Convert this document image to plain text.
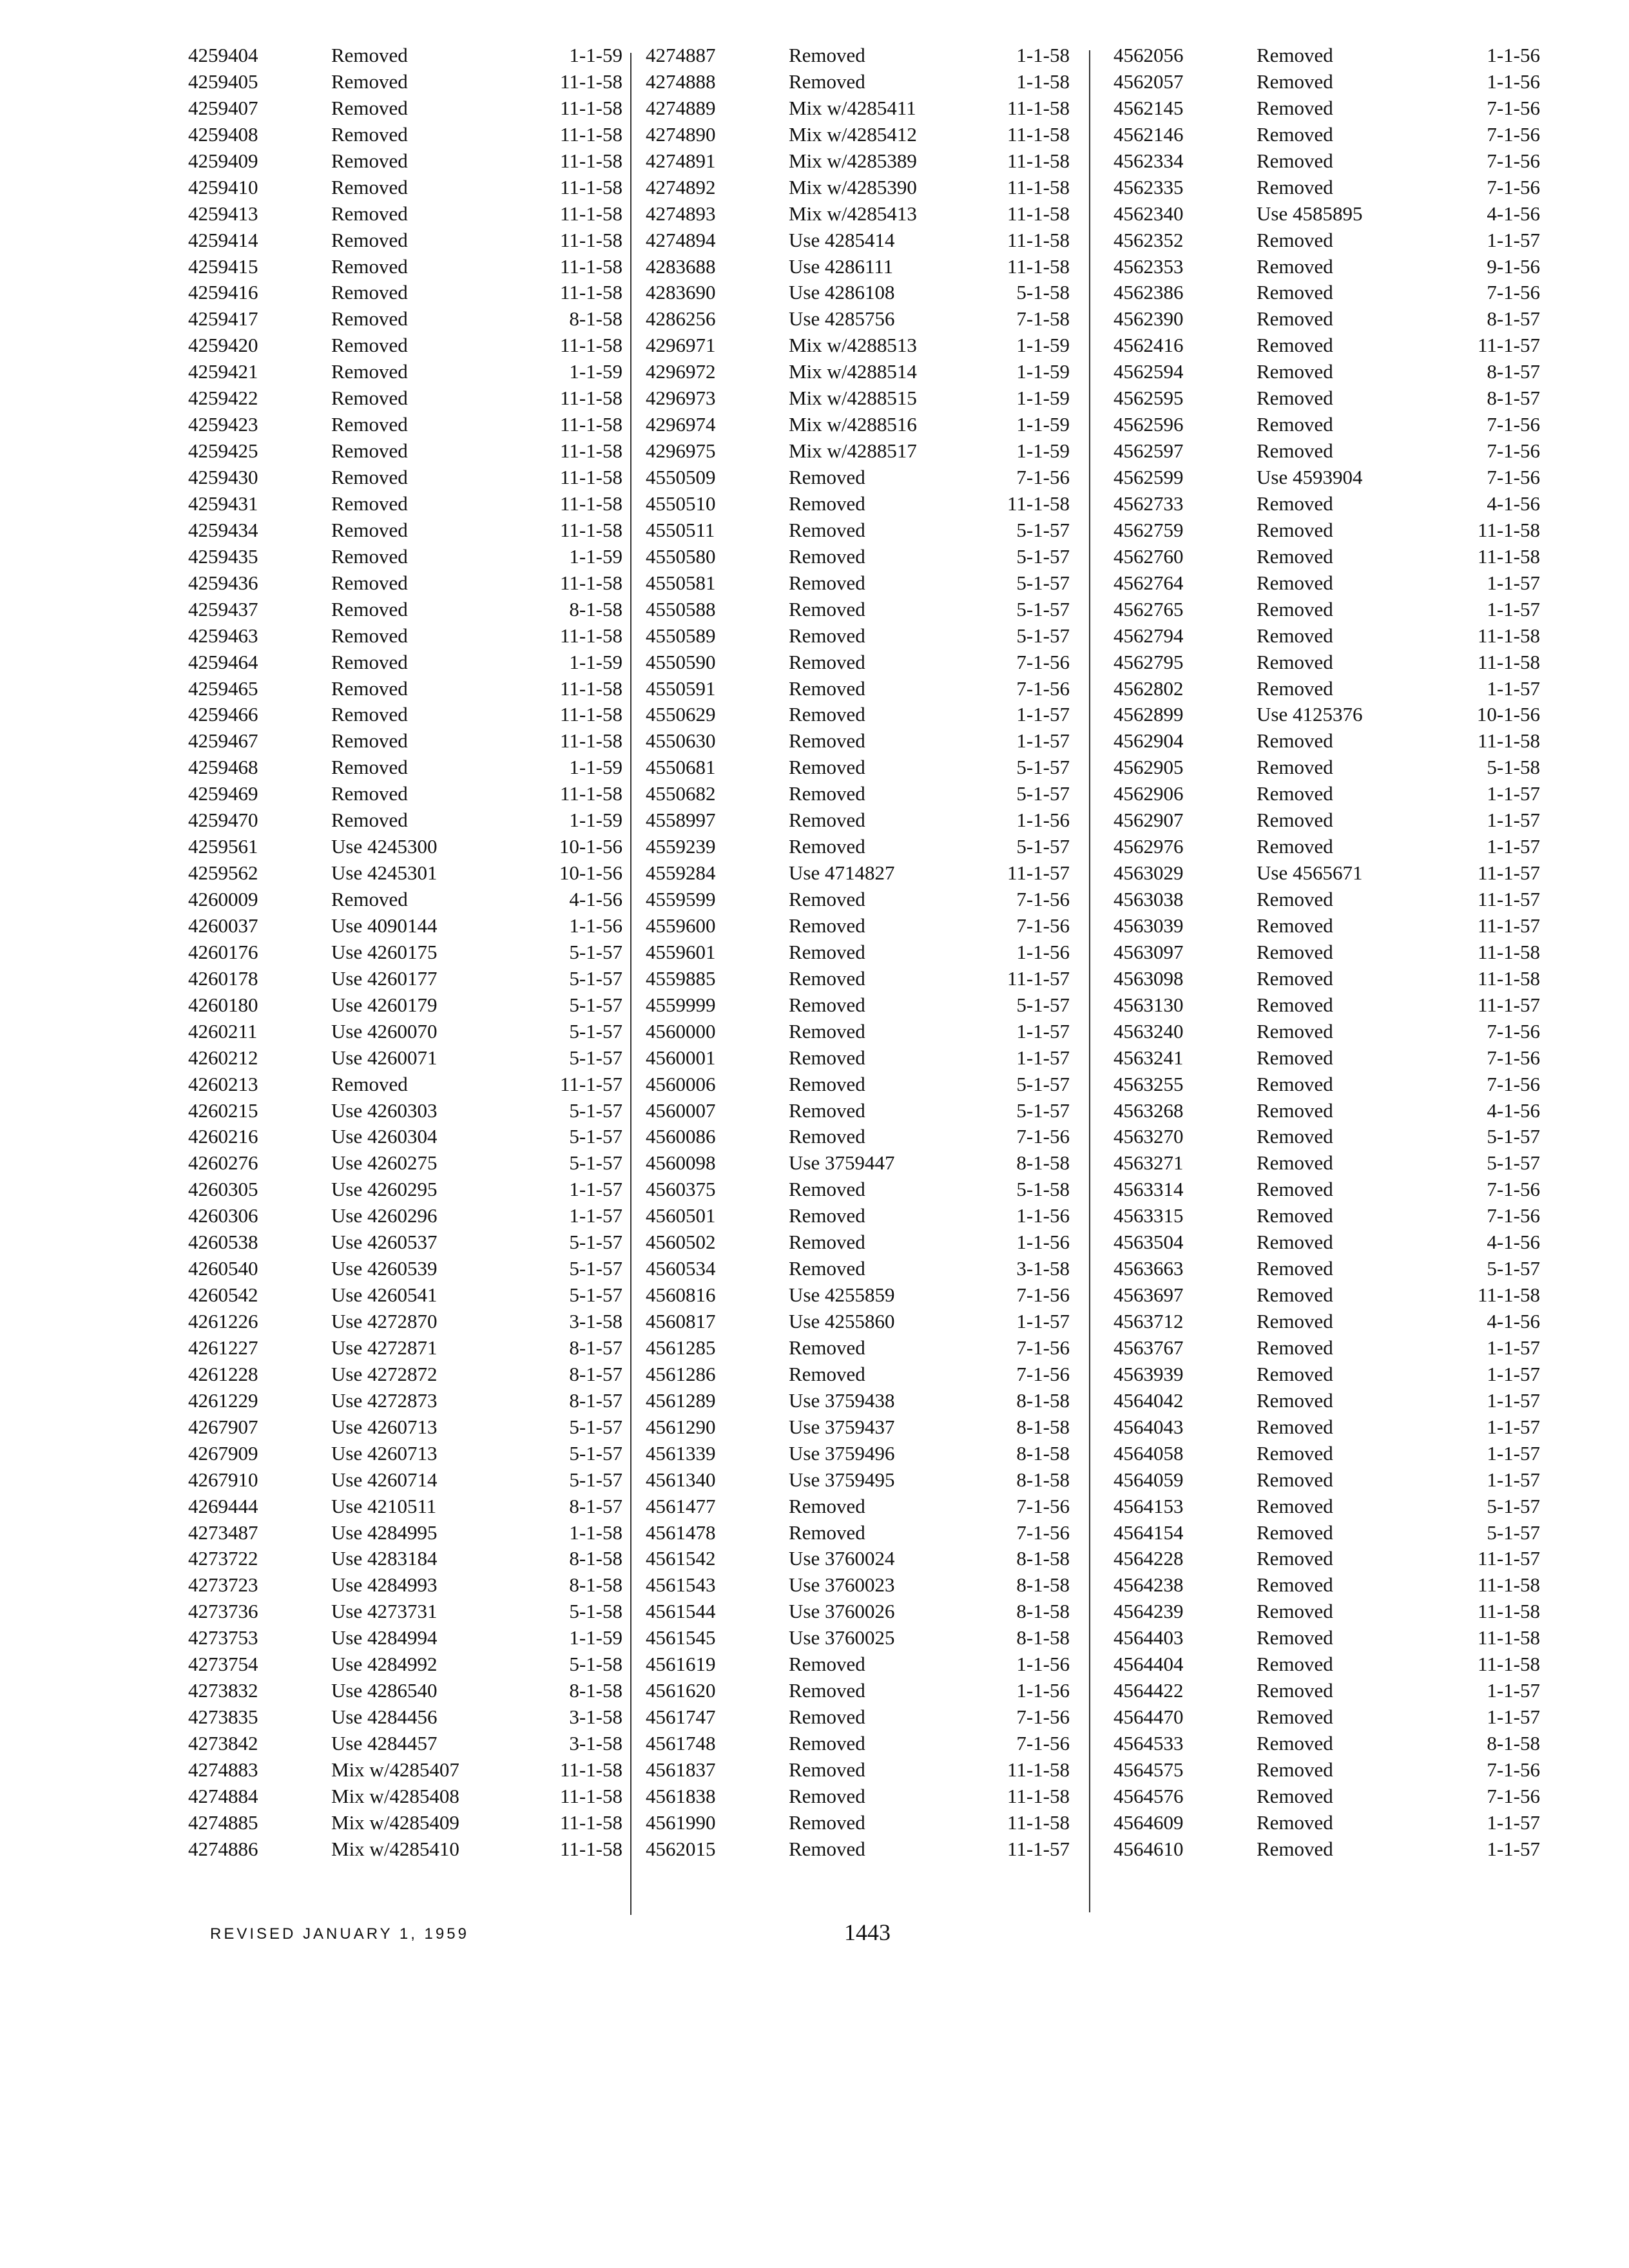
4259404	Removed	1-1-59
4259405	Removed	11-1-58
4259407	Removed	11-1-58
4259408	Removed	11-1-58
4259409	Removed	11-1-58
4259410	Removed	11-1-58
4259413	Removed	11-1-58
4259414	Removed	11-1-58
4259415	Removed	11-1-58
4259416	Removed	11-1-58
4259417	Removed	8-1-58
4259420	Removed	11-1-58
4259421	Removed	1-1-59
4259422	Removed	11-1-58
4259423	Removed	11-1-58
4259425	Removed	11-1-58
4259430	Removed	11-1-58
4259431	Removed	11-1-58
4259434	Removed	11-1-58
4259435	Removed	1-1-59
4259436	Removed	11-1-58
4259437	Removed	8-1-58
4259463	Removed	11-1-58
4259464	Removed	1-1-59
4259465	Removed	11-1-58
4259466	Removed	11-1-58
4259467	Removed	11-1-58
4259468	Removed	1-1-59
4259469	Removed	11-1-58
4259470	Removed	1-1-59
4259561	Use 4245300	10-1-56
4259562	Use 4245301	10-1-56
4260009	Removed	4-1-56
4260037	Use 4090144	1-1-56
4260176	Use 4260175	5-1-57
4260178	Use 4260177	5-1-57
4260180	Use 4260179	5-1-57
4260211	Use 4260070	5-1-57
4260212	Use 4260071	5-1-57
4260213	Removed	11-1-57
4260215	Use 4260303	5-1-57
4260216	Use 4260304	5-1-57
4260276	Use 4260275	5-1-57
4260305	Use 4260295	1-1-57
4260306	Use 4260296	1-1-57
4260538	Use 4260537	5-1-57
4260540	Use 4260539	5-1-57
4260542	Use 4260541	5-1-57
4261226	Use 4272870	3-1-58
4261227	Use 4272871	8-1-57
4261228	Use 4272872	8-1-57
4261229	Use 4272873	8-1-57
4267907	Use 4260713	5-1-57
4267909	Use 4260713	5-1-57
4267910	Use 4260714	5-1-57
4269444	Use 4210511	8-1-57
4273487	Use 4284995	1-1-58
4273722	Use 4283184	8-1-58
4273723	Use 4284993	8-1-58
4273736	Use 4273731	5-1-58
4273753	Use 4284994	1-1-59
4273754	Use 4284992	5-1-58
4273832	Use 4286540	8-1-58
4273835	Use 4284456	3-1-58
4273842	Use 4284457	3-1-58
4274883	Mix w/4285407	11-1-58
4274884	Mix w/4285408	11-1-58
4274885	Mix w/4285409	11-1-58
4274886	Mix w/4285410	11-1-58
4274887	Removed	1-1-58
4274888	Removed	1-1-58
4274889	Mix w/4285411	11-1-58
4274890	Mix w/4285412	11-1-58
4274891	Mix w/4285389	11-1-58
4274892	Mix w/4285390	11-1-58
4274893	Mix w/4285413	11-1-58
4274894	Use 4285414	11-1-58
4283688	Use 4286111	11-1-58
4283690	Use 4286108	5-1-58
4286256	Use 4285756	7-1-58
4296971	Mix w/4288513	1-1-59
4296972	Mix w/4288514	1-1-59
4296973	Mix w/4288515	1-1-59
4296974	Mix w/4288516	1-1-59
4296975	Mix w/4288517	1-1-59
4550509	Removed	7-1-56
4550510	Removed	11-1-58
4550511	Removed	5-1-57
4550580	Removed	5-1-57
4550581	Removed	5-1-57
4550588	Removed	5-1-57
4550589	Removed	5-1-57
4550590	Removed	7-1-56
4550591	Removed	7-1-56
4550629	Removed	1-1-57
4550630	Removed	1-1-57
4550681	Removed	5-1-57
4550682	Removed	5-1-57
4558997	Removed	1-1-56
4559239	Removed	5-1-57
4559284	Use 4714827	11-1-57
4559599	Removed	7-1-56
4559600	Removed	7-1-56
4559601	Removed	1-1-56
4559885	Removed	11-1-57
4559999	Removed	5-1-57
4560000	Removed	1-1-57
4560001	Removed	1-1-57
4560006	Removed	5-1-57
4560007	Removed	5-1-57
4560086	Removed	7-1-56
4560098	Use 3759447	8-1-58
4560375	Removed	5-1-58
4560501	Removed	1-1-56
4560502	Removed	1-1-56
4560534	Removed	3-1-58
4560816	Use 4255859	7-1-56
4560817	Use 4255860	1-1-57
4561285	Removed	7-1-56
4561286	Removed	7-1-56
4561289	Use 3759438	8-1-58
4561290	Use 3759437	8-1-58
4561339	Use 3759496	8-1-58
4561340	Use 3759495	8-1-58
4561477	Removed	7-1-56
4561478	Removed	7-1-56
4561542	Use 3760024	8-1-58
4561543	Use 3760023	8-1-58
4561544	Use 3760026	8-1-58
4561545	Use 3760025	8-1-58
4561619	Removed	1-1-56
4561620	Removed	1-1-56
4561747	Removed	7-1-56
4561748	Removed	7-1-56
4561837	Removed	11-1-58
4561838	Removed	11-1-58
4561990	Removed	11-1-58
4562015	Removed	11-1-57
4562056	Removed	1-1-56
4562057	Removed	1-1-56
4562145	Removed	7-1-56
4562146	Removed	7-1-56
4562334	Removed	7-1-56
4562335	Removed	7-1-56
4562340	Use 4585895	4-1-56
4562352	Removed	1-1-57
4562353	Removed	9-1-56
4562386	Removed	7-1-56
4562390	Removed	8-1-57
4562416	Removed	11-1-57
4562594	Removed	8-1-57
4562595	Removed	8-1-57
4562596	Removed	7-1-56
4562597	Removed	7-1-56
4562599	Use 4593904	7-1-56
4562733	Removed	4-1-56
4562759	Removed	11-1-58
4562760	Removed	11-1-58
4562764	Removed	1-1-57
4562765	Removed	1-1-57
4562794	Removed	11-1-58
4562795	Removed	11-1-58
4562802	Removed	1-1-57
4562899	Use 4125376	10-1-56
4562904	Removed	11-1-58
4562905	Removed	5-1-58
4562906	Removed	1-1-57
4562907	Removed	1-1-57
4562976	Removed	1-1-57
4563029	Use 4565671	11-1-57
4563038	Removed	11-1-57
4563039	Removed	11-1-57
4563097	Removed	11-1-58
4563098	Removed	11-1-58
4563130	Removed	11-1-57
4563240	Removed	7-1-56
4563241	Removed	7-1-56
4563255	Removed	7-1-56
4563268	Removed	4-1-56
4563270	Removed	5-1-57
4563271	Removed	5-1-57
4563314	Removed	7-1-56
4563315	Removed	7-1-56
4563504	Removed	4-1-56
4563663	Removed	5-1-57
4563697	Removed	11-1-58
4563712	Removed	4-1-56
4563767	Removed	1-1-57
4563939	Removed	1-1-57
4564042	Removed	1-1-57
4564043	Removed	1-1-57
4564058	Removed	1-1-57
4564059	Removed	1-1-57
4564153	Removed	5-1-57
4564154	Removed	5-1-57
4564228	Removed	11-1-57
4564238	Removed	11-1-58
4564239	Removed	11-1-58
4564403	Removed	11-1-58
4564404	Removed	11-1-58
4564422	Removed	1-1-57
4564470	Removed	1-1-57
4564533	Removed	8-1-58
4564575	Removed	7-1-56
4564576	Removed	7-1-56
4564609	Removed	1-1-57
4564610	Removed	1-1-57
REVISED JANUARY 1, 1959	1443
